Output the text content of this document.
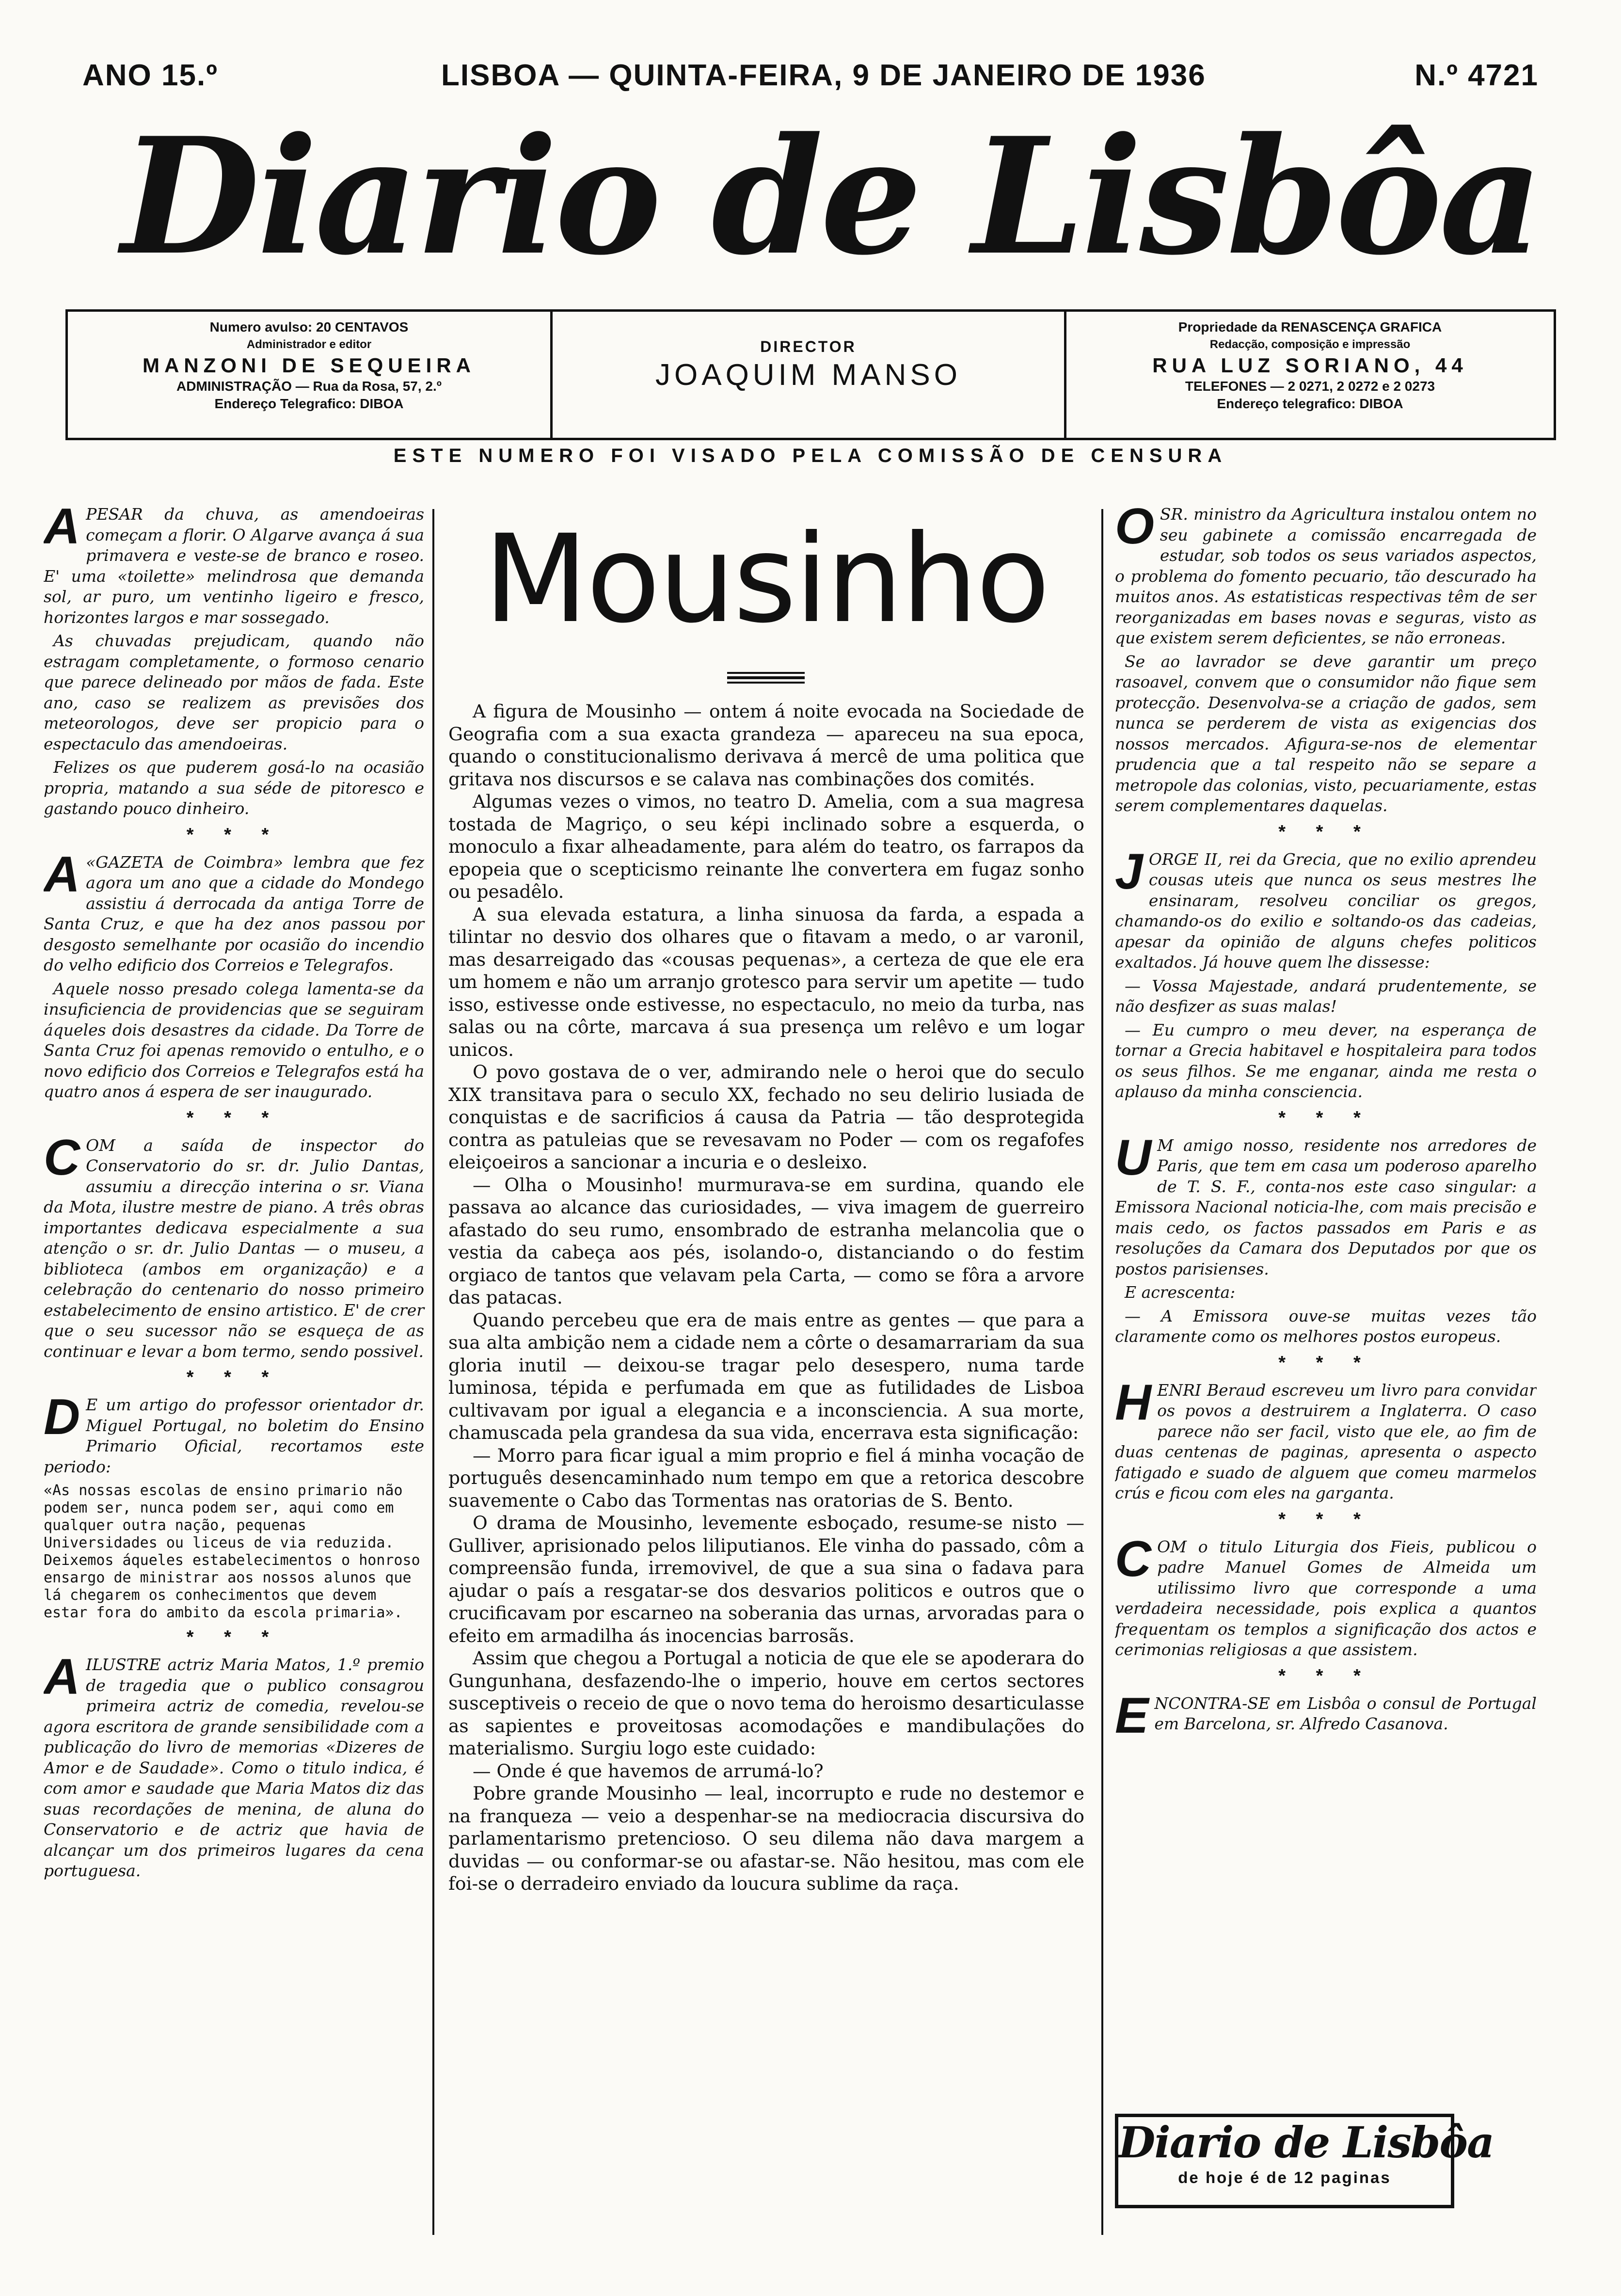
ANO 15.º	LISBOA — QUINTA-FEIRA, 9 DE JANEIRO DE 1936	N.º 4721
Diario de Lisbôa
Numero avulso: 20 CENTAVOS
Administrador e editor
MANZONI DE SEQUEIRA
ADMINISTRAÇÃO — Rua da Rosa, 57, 2.º
Endereço Telegrafico: DIBOA
DIRECTOR
JOAQUIM MANSO
Propriedade da RENASCENÇA GRAFICA
Redacção, composição e impressão
RUA LUZ SORIANO, 44
TELEFONES — 2 0271, 2 0272 e 2 0273
Endereço telegrafico: DIBOA
ESTE NUMERO FOI VISADO PELA COMISSÃO DE CENSURA

APESAR da chuva, as amendoeiras começam a florir. O Algarve avança á sua primavera e veste-se de branco e roseo. E' uma «toilette» melindrosa que demanda sol, ar puro, um ventinho ligeiro e fresco, horizontes largos e mar sossegado.

As chuvadas prejudicam, quando não estragam completamente, o formoso cenario que parece delineado por mãos de fada. Este ano, caso se realizem as previsões dos meteorologos, deve ser propicio para o espectaculo das amendoeiras.

Felizes os que puderem gosá-lo na ocasião propria, matando a sua séde de pitoresco e gastando pouco dinheiro.

* * *

A «GAZETA de Coimbra» lembra que fez agora um ano que a cidade do Mondego assistiu á derrocada da antiga Torre de Santa Cruz, e que ha dez anos passou por desgosto semelhante por ocasião do incendio do velho edificio dos Correios e Telegrafos.

Aquele nosso presado colega lamenta-se da insuficiencia de providencias que se seguiram áqueles dois desastres da cidade. Da Torre de Santa Cruz foi apenas removido o entulho, e o novo edificio dos Correios e Telegrafos está ha quatro anos á espera de ser inaugurado.

* * *

COM a saída de inspector do Conservatorio do sr. dr. Julio Dantas, assumiu a direcção interina o sr. Viana da Mota, ilustre mestre de piano. A três obras importantes dedicava especialmente a sua atenção o sr. dr. Julio Dantas — o museu, a biblioteca (ambos em organização) e a celebração do centenario do nosso primeiro estabelecimento de ensino artistico. E' de crer que o seu sucessor não se esqueça de as continuar e levar a bom termo, sendo possivel.

* * *

D E um artigo do professor orientador dr. Miguel Portugal, no boletim do Ensino Primario Oficial, recortamos este periodo:

«As nossas escolas de ensino primario não podem ser, nunca podem ser, aqui como em qualquer outra nação, pequenas Universidades ou liceus de via reduzida. Deixemos áqueles estabelecimentos o honroso ensargo de ministrar aos nossos alunos que lá chegarem os conhecimentos que devem estar fora do ambito da escola primaria».
* * *

AILUSTRE actriz Maria Matos, 1.º premio de tragedia que o publico consagrou primeira actriz de comedia, revelou-se agora escritora de grande sensibilidade com a publicação do livro de memorias «Dizeres de Amor e de Saudade». Como o titulo indica, é com amor e saudade que Maria Matos diz das suas recordações de menina, de aluna do Conservatorio e de actriz que havia de alcançar um dos primeiros lugares da cena portuguesa.

Mousinho

A figura de Mousinho — ontem á noite evocada na Sociedade de Geografia com a sua exacta grandeza — apareceu na sua epoca, quando o constitucionalismo derivava á mercê de uma politica que gritava nos discursos e se calava nas combinações dos comités.

Algumas vezes o vimos, no teatro D. Amelia, com a sua magresa tostada de Magriço, o seu képi inclinado sobre a esquerda, o monoculo a fixar alheadamente, para além do teatro, os farrapos da epopeia que o scepticismo reinante lhe convertera em fugaz sonho ou pesadêlo.

A sua elevada estatura, a linha sinuosa da farda, a espada a tilintar no desvio dos olhares que o fitavam a medo, o ar varonil, mas desarreigado das «cousas pequenas», a certeza de que ele era um homem e não um arranjo grotesco para servir um apetite — tudo isso, estivesse onde estivesse, no espectaculo, no meio da turba, nas salas ou na côrte, marcava á sua presença um relêvo e um logar unicos.

O povo gostava de o ver, admirando nele o heroi que do seculo XIX transitava para o seculo XX, fechado no seu delirio lusiada de conquistas e de sacrificios á causa da Patria — tão desprotegida contra as patuleias que se revesavam no Poder — com os regafofes eleiçoeiros a sancionar a incuria e o desleixo.

— Olha o Mousinho! murmurava-se em surdina, quando ele passava ao alcance das curiosidades, — viva imagem de guerreiro afastado do seu rumo, ensombrado de estranha melancolia que o vestia da cabeça aos pés, isolando-o, distanciando o do festim orgiaco de tantos que velavam pela Carta, — como se fôra a arvore das patacas.

Quando percebeu que era de mais entre as gentes — que para a sua alta ambição nem a cidade nem a côrte o desamarrariam da sua gloria inutil — deixou-se tragar pelo desespero, numa tarde luminosa, tépida e perfumada em que as futilidades de Lisboa cultivavam por igual a elegancia e a inconsciencia. A sua morte, chamuscada pela grandesa da sua vida, encerrava esta significação:

— Morro para ficar igual a mim proprio e fiel á minha vocação de português desencaminhado num tempo em que a retorica descobre suavemente o Cabo das Tormentas nas oratorias de S. Bento.

O drama de Mousinho, levemente esboçado, resume-se nisto — Gulliver, aprisionado pelos liliputianos. Ele vinha do passado, côm a compreensão funda, irremovivel, de que a sua sina o fadava para ajudar o país a resgatar-se dos desvarios politicos e outros que o crucificavam por escarneo na soberania das urnas, arvoradas para o efeito em armadilha ás inocencias barrosãs.

Assim que chegou a Portugal a noticia de que ele se apoderara do Gungunhana, desfazendo-lhe o imperio, houve em certos sectores susceptiveis o receio de que o novo tema do heroismo desarticulasse as sapientes e proveitosas acomodações e mandibulações do materialismo. Surgiu logo este cuidado:

— Onde é que havemos de arrumá-lo?

Pobre grande Mousinho — leal, incorrupto e rude no destemor e na franqueza — veio a despenhar-se na mediocracia discursiva do parlamentarismo pretencioso. O seu dilema não dava margem a duvidas — ou conformar-se ou afastar-se. Não hesitou, mas com ele foi-se o derradeiro enviado da loucura sublime da raça.

OSR. ministro da Agricultura instalou ontem no seu gabinete a comissão encarregada de estudar, sob todos os seus variados aspectos, o problema do fomento pecuario, tão descurado ha muitos anos. As estatisticas respectivas têm de ser reorganizadas em bases novas e seguras, visto as que existem serem deficientes, se não erroneas.

Se ao lavrador se deve garantir um preço rasoavel, convem que o consumidor não fique sem protecção. Desenvolva-se a criação de gados, sem nunca se perderem de vista as exigencias dos nossos mercados. Afigura-se-nos de elementar prudencia que a tal respeito não se separe a metropole das colonias, visto, pecuariamente, estas serem complementares daquelas.

* * *

JORGE II, rei da Grecia, que no exilio aprendeu cousas uteis que nunca os seus mestres lhe ensinaram, resolveu conciliar os gregos, chamando-os do exilio e soltando-os das cadeias, apesar da opinião de alguns chefes politicos exaltados. Já houve quem lhe dissesse:

— Vossa Majestade, andará prudentemente, se não desfizer as suas malas!

— Eu cumpro o meu dever, na esperança de tornar a Grecia habitavel e hospitaleira para todos os seus filhos. Se me enganar, ainda me resta o aplauso da minha consciencia.

* * *

U M amigo nosso, residente nos arredores de Paris, que tem em casa um poderoso aparelho de T. S. F., conta-nos este caso singular: a Emissora Nacional noticia-lhe, com mais precisão e mais cedo, os factos passados em Paris e as resoluções da Camara dos Deputados por que os postos parisienses.

E acrescenta:

— A Emissora ouve-se muitas vezes tão claramente como os melhores postos europeus.

* * *

HENRI Beraud escreveu um livro para convidar os povos a destruirem a Inglaterra. O caso parece não ser facil, visto que ele, ao fim de duas centenas de paginas, apresenta o aspecto fatigado e suado de alguem que comeu marmelos crús e ficou com eles na garganta.

* * *

COM o titulo Liturgia dos Fieis, publicou o padre Manuel Gomes de Almeida um utilissimo livro que corresponde a uma verdadeira necessidade, pois explica a quantos frequentam os templos a significação dos actos e cerimonias religiosas a que assistem.

* * *

ENCONTRA-SE em Lisbôa o consul de Portugal em Barcelona, sr. Alfredo Casanova.

Diario de Lisbôa
de hoje é de 12 paginas
